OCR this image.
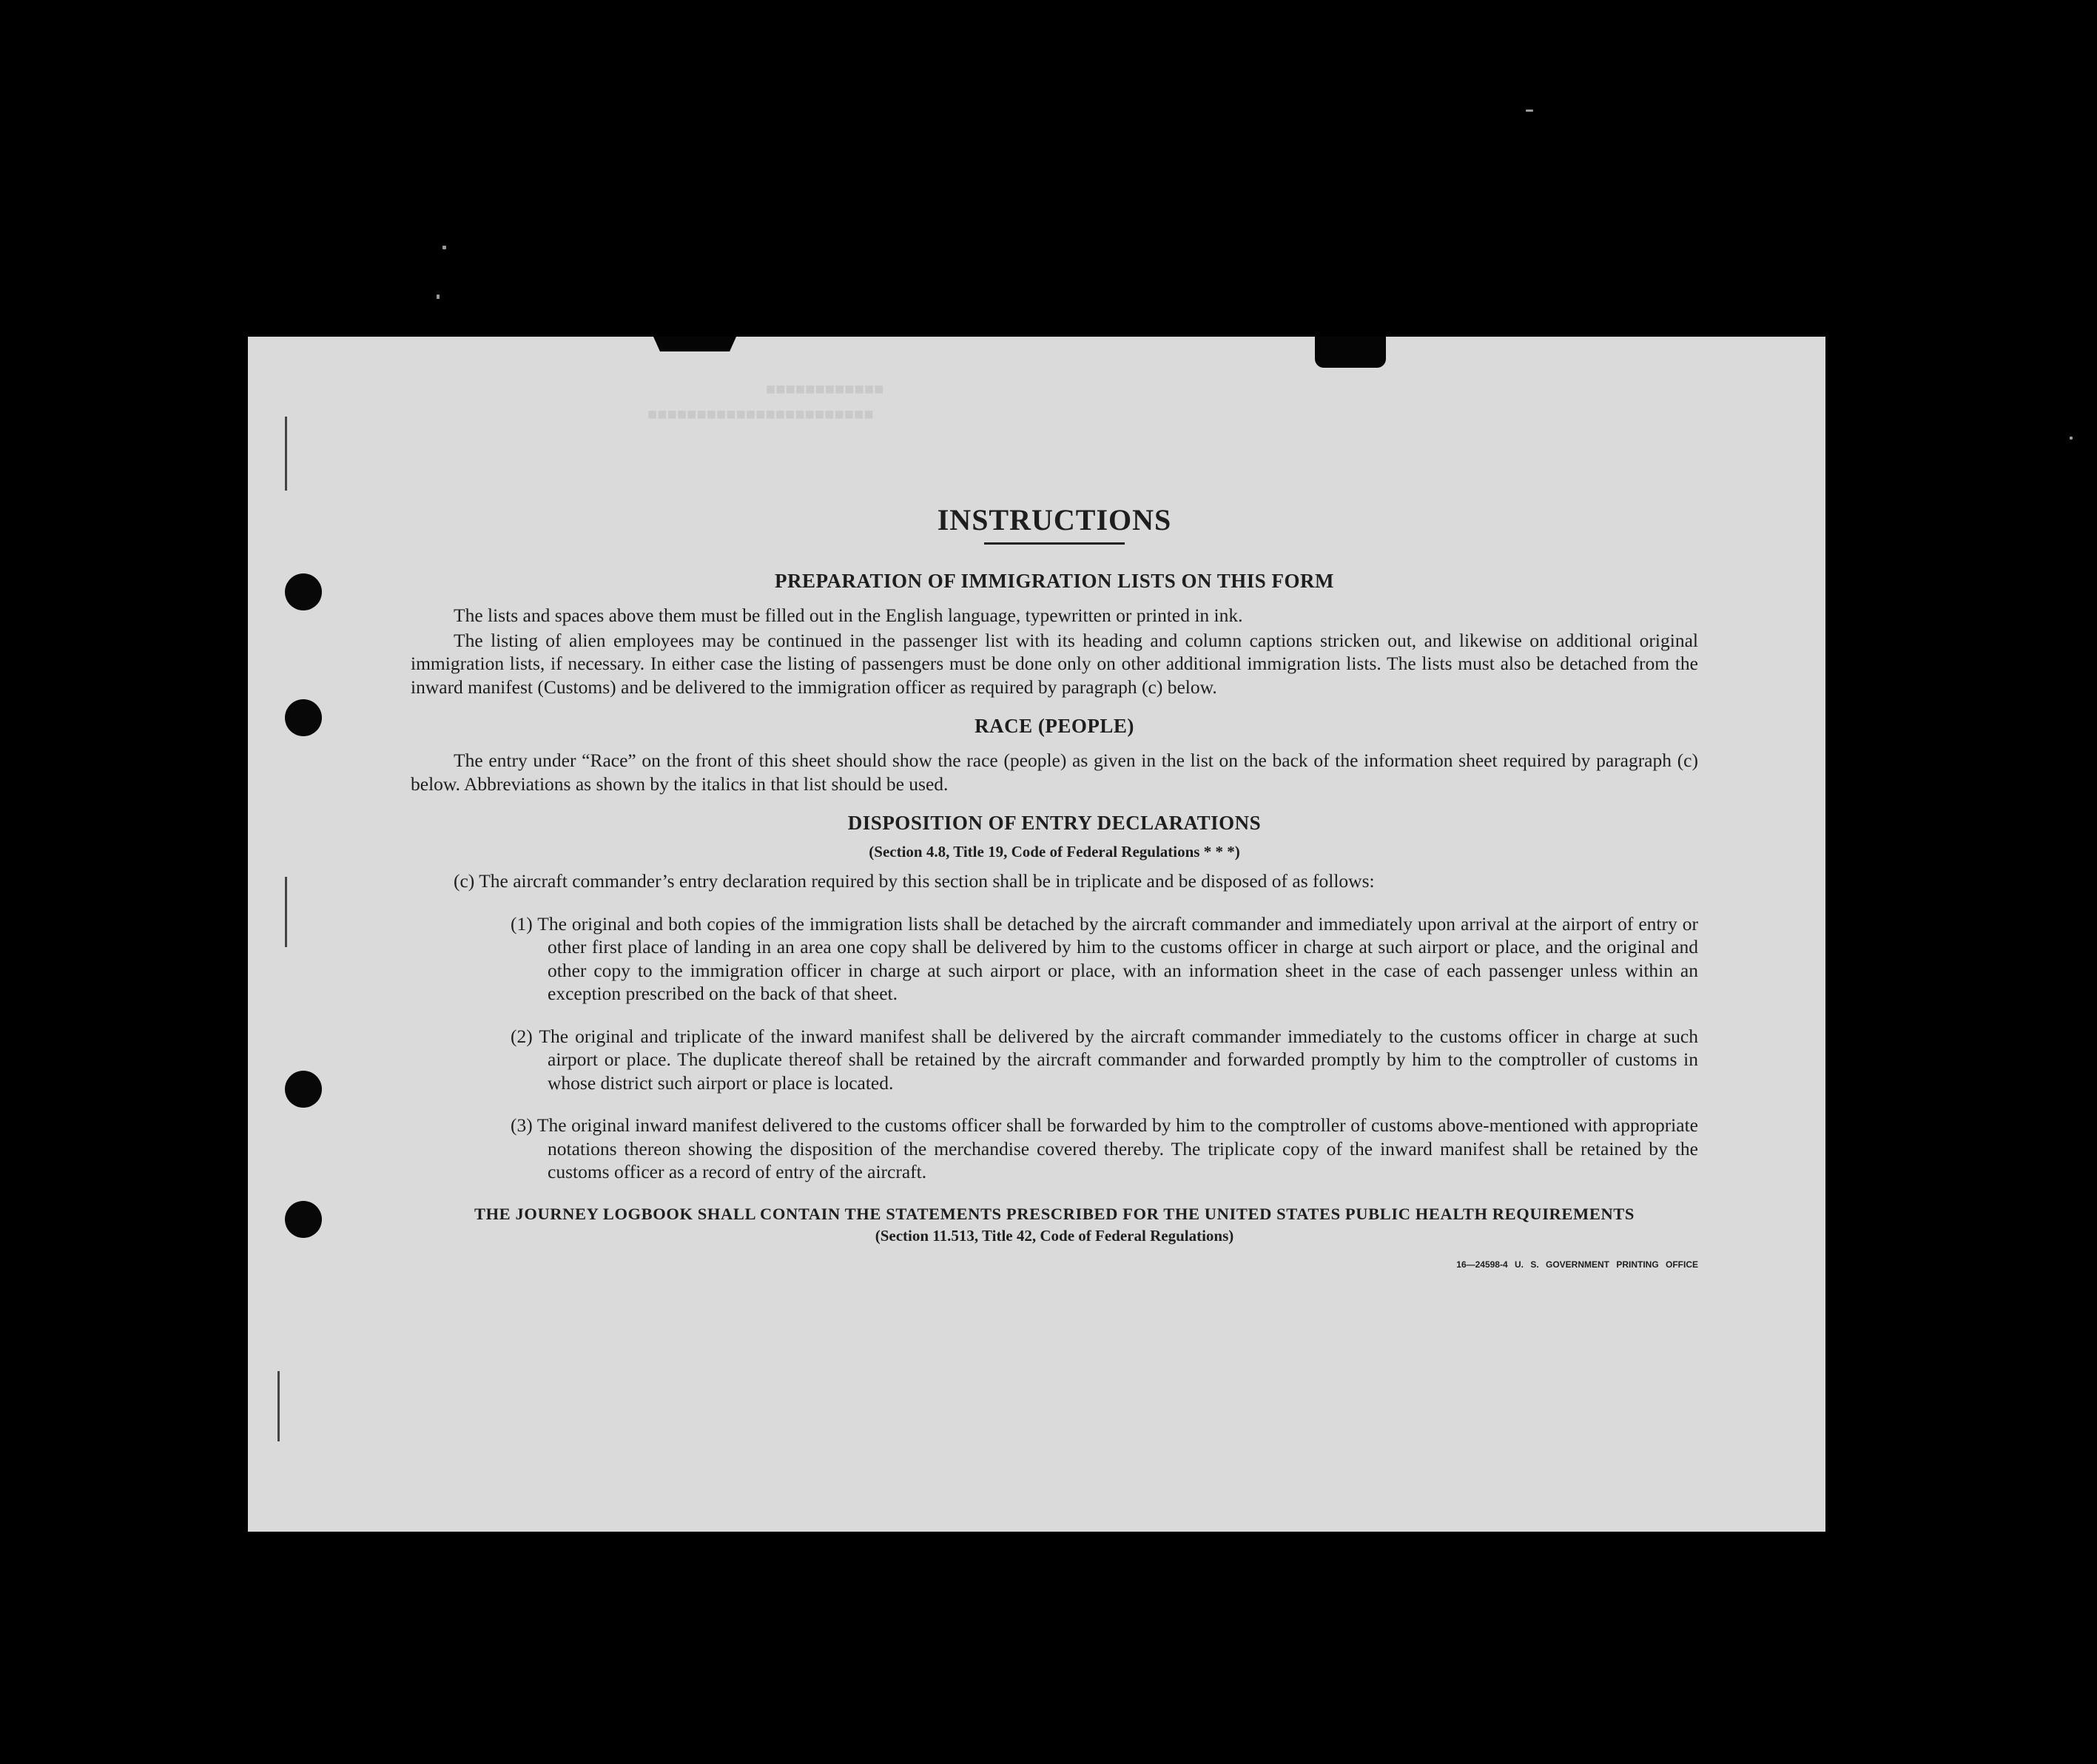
■■■■■■■■■■■■
■■■■■■■■■■■■■■■■■■■■■■■
INSTRUCTIONS
PREPARATION OF IMMIGRATION LISTS ON THIS FORM

The lists and spaces above them must be filled out in the English language, typewritten or printed in ink.

The listing of alien employees may be continued in the passenger list with its heading and column captions stricken out, and likewise on additional original immigration lists, if necessary. In either case the listing of passengers must be done only on other additional immigration lists. The lists must also be detached from the inward manifest (Customs) and be delivered to the immigration officer as required by paragraph (c) below.

RACE (PEOPLE)

The entry under “Race” on the front of this sheet should show the race (people) as given in the list on the back of the information sheet required by paragraph (c) below. Abbreviations as shown by the italics in that list should be used.

DISPOSITION OF ENTRY DECLARATIONS

(Section 4.8, Title 19, Code of Federal Regulations * * *)

(c) The aircraft commander’s entry declaration required by this section shall be in triplicate and be disposed of as follows:

(1) The original and both copies of the immigration lists shall be detached by the aircraft commander and immediately upon arrival at the airport of entry or other first place of landing in an area one copy shall be delivered by him to the customs officer in charge at such airport or place, and the original and other copy to the immigration officer in charge at such airport or place, with an information sheet in the case of each passenger unless within an exception prescribed on the back of that sheet.

(2) The original and triplicate of the inward manifest shall be delivered by the aircraft commander immediately to the customs officer in charge at such airport or place. The duplicate thereof shall be retained by the aircraft commander and forwarded promptly by him to the comptroller of customs in whose district such airport or place is located.

(3) The original inward manifest delivered to the customs officer shall be forwarded by him to the comptroller of customs above-mentioned with appropriate notations thereon showing the disposition of the merchandise covered thereby. The triplicate copy of the inward manifest shall be retained by the customs officer as a record of entry of the aircraft.

THE JOURNEY LOGBOOK SHALL CONTAIN THE STATEMENTS PRESCRIBED FOR THE UNITED STATES PUBLIC HEALTH REQUIREMENTS

(Section 11.513, Title 42, Code of Federal Regulations)

16—24598-4 U. S. GOVERNMENT PRINTING OFFICE
